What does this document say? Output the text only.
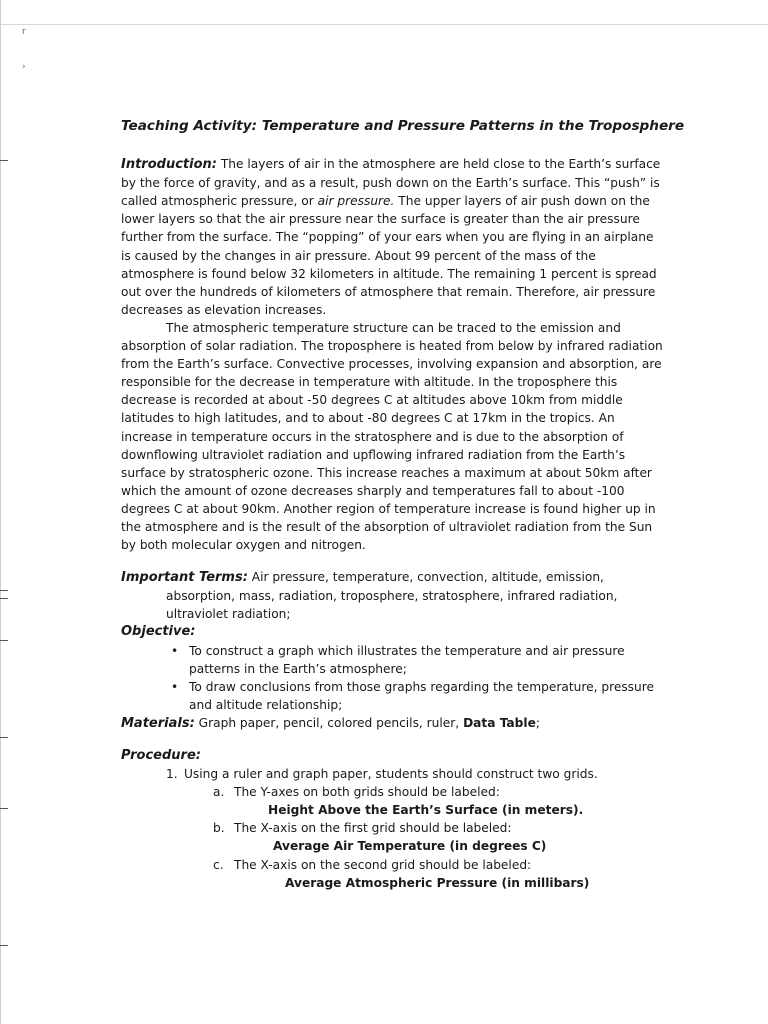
r
›
Teaching Activity: Temperature and Pressure Patterns in the Troposphere

Introduction: The layers of air in the atmosphere are held close to the Earth’s surface by the force of gravity, and as a result, push down on the Earth’s surface. This “push” is called atmospheric pressure, or air pressure. The upper layers of air push down on the lower layers so that the air pressure near the surface is greater than the air pressure further from the surface. The “popping” of your ears when you are flying in an airplane is caused by the changes in air pressure. About 99 percent of the mass of the atmosphere is found below 32 kilometers in altitude. The remaining 1 percent is spread out over the hundreds of kilometers of atmosphere that remain. Therefore, air pressure decreases as elevation increases.

The atmospheric temperature structure can be traced to the emission and absorption of solar radiation. The troposphere is heated from below by infrared radiation from the Earth’s surface. Convective processes, involving expansion and absorption, are responsible for the decrease in temperature with altitude. In the troposphere this decrease is recorded at about -50 degrees C at altitudes above 10km from middle latitudes to high latitudes, and to about -80 degrees C at 17km in the tropics. An increase in temperature occurs in the stratosphere and is due to the absorption of downflowing ultraviolet radiation and upflowing infrared radiation from the Earth’s surface by stratospheric ozone. This increase reaches a maximum at about 50km after which the amount of ozone decreases sharply and temperatures fall to about -100 degrees C at about 90km. Another region of temperature increase is found higher up in the atmosphere and is the result of the absorption of ultraviolet radiation from the Sun by both molecular oxygen and nitrogen.

Important Terms: Air pressure, temperature, convection, altitude, emission, absorption, mass, radiation, troposphere, stratosphere, infrared radiation, ultraviolet radiation;

Objective:
• To construct a graph which illustrates the temperature and air pressure patterns in the Earth’s atmosphere;
• To draw conclusions from those graphs regarding the temperature, pressure and altitude relationship;

Materials: Graph paper, pencil, colored pencils, ruler, Data Table;

Procedure:
1. Using a ruler and graph paper, students should construct two grids.
a. The Y-axes on both grids should be labeled:
Height Above the Earth’s Surface (in meters).
b. The X-axis on the first grid should be labeled:
Average Air Temperature (in degrees C)
c. The X-axis on the second grid should be labeled:
Average Atmospheric Pressure (in millibars)
